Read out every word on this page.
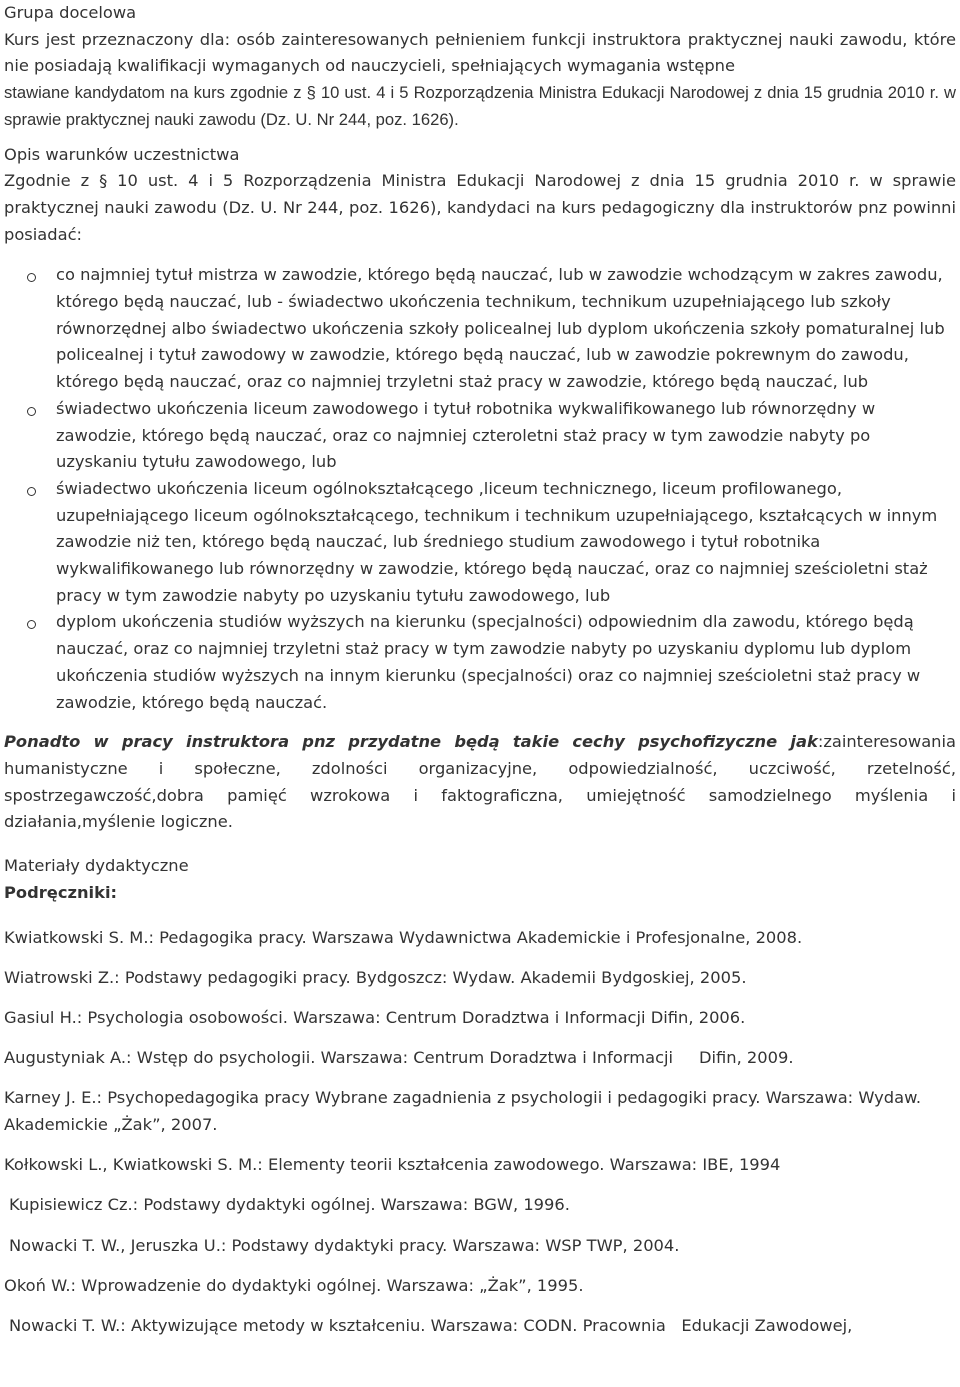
Grupa docelowa

Kurs jest przeznaczony dla: osób zainteresowanych pełnieniem funkcji instruktora praktycznej nauki zawodu, które nie posiadają kwalifikacji wymaganych od nauczycieli, spełniających wymagania wstępne

stawiane kandydatom na kurs zgodnie z § 10 ust. 4 i 5 Rozporządzenia Ministra Edukacji Narodowej z dnia 15 grudnia 2010 r. w sprawie praktycznej nauki zawodu (Dz. U. Nr 244, poz. 1626).

Opis warunków uczestnictwa

Zgodnie z § 10 ust. 4 i 5 Rozporządzenia Ministra Edukacji Narodowej z dnia 15 grudnia 2010 r. w sprawie praktycznej nauki zawodu (Dz. U. Nr 244, poz. 1626), kandydaci na kurs pedagogiczny dla instruktorów pnz powinni posiadać:

co najmniej tytuł mistrza w zawodzie, którego będą nauczać, lub w zawodzie wchodzącym w zakres zawodu, którego będą nauczać, lub - świadectwo ukończenia technikum, technikum uzupełniającego lub szkoły równorzędnej albo świadectwo ukończenia szkoły policealnej lub dyplom ukończenia szkoły pomaturalnej lub policealnej i tytuł zawodowy w zawodzie, którego będą nauczać, lub w zawodzie pokrewnym do zawodu, którego będą nauczać, oraz co najmniej trzyletni staż pracy w zawodzie, którego będą nauczać, lub
świadectwo ukończenia liceum zawodowego i tytuł robotnika wykwalifikowanego lub równorzędny w zawodzie, którego będą nauczać, oraz co najmniej czteroletni staż pracy w tym zawodzie nabyty po uzyskaniu tytułu zawodowego, lub
świadectwo ukończenia liceum ogólnokształcącego ,liceum technicznego, liceum profilowanego, uzupełniającego liceum ogólnokształcącego, technikum i technikum uzupełniającego, kształcących w innym zawodzie niż ten, którego będą nauczać, lub średniego studium zawodowego i tytuł robotnika wykwalifikowanego lub równorzędny w zawodzie, którego będą nauczać, oraz co najmniej sześcioletni staż pracy w tym zawodzie nabyty po uzyskaniu tytułu zawodowego, lub
dyplom ukończenia studiów wyższych na kierunku (specjalności) odpowiednim dla zawodu, którego będą nauczać, oraz co najmniej trzyletni staż pracy w tym zawodzie nabyty po uzyskaniu dyplomu lub dyplom ukończenia studiów wyższych na innym kierunku (specjalności) oraz co najmniej sześcioletni staż pracy w zawodzie, którego będą nauczać.

Ponadto w pracy instruktora pnz przydatne będą takie cechy psychofizyczne jak:zainteresowania humanistyczne i społeczne, zdolności organizacyjne, odpowiedzialność, uczciwość, rzetelność, spostrzegawczość,dobra pamięć wzrokowa i faktograficzna, umiejętność samodzielnego myślenia i działania,myślenie logiczne.

Materiały dydaktyczne

Podręczniki:

Kwiatkowski S. M.: Pedagogika pracy. Warszawa Wydawnictwa Akademickie i Profesjonalne, 2008.

Wiatrowski Z.: Podstawy pedagogiki pracy. Bydgoszcz: Wydaw. Akademii Bydgoskiej, 2005.

Gasiul H.: Psychologia osobowości. Warszawa: Centrum Doradztwa i Informacji Difin, 2006.

Augustyniak A.: Wstęp do psychologii. Warszawa: Centrum Doradztwa i Informacji     Difin, 2009.

Karney J. E.: Psychopedagogika pracy Wybrane zagadnienia z psychologii i pedagogiki pracy. Warszawa: Wydaw. Akademickie „Żak”, 2007.

Kołkowski L., Kwiatkowski S. M.: Elementy teorii kształcenia zawodowego. Warszawa: IBE, 1994

Kupisiewicz Cz.: Podstawy dydaktyki ogólnej. Warszawa: BGW, 1996.

Nowacki T. W., Jeruszka U.: Podstawy dydaktyki pracy. Warszawa: WSP TWP, 2004.

Okoń W.: Wprowadzenie do dydaktyki ogólnej. Warszawa: „Żak”, 1995.

Nowacki T. W.: Aktywizujące metody w kształceniu. Warszawa: CODN. Pracownia   Edukacji Zawodowej,
